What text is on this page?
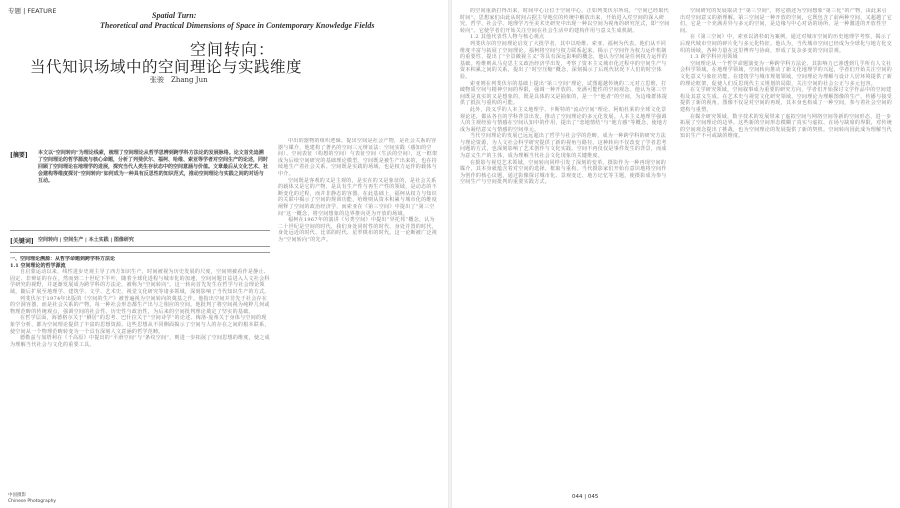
专题 | FEATURE	Spatial Turn:
Theoretical and Practical Dimensions of Space in Contemporary Knowledge Fields
空间转向：
当代知识场域中的空间理论与实践维度
张骏　Zhang Jun
[摘要] 本文以“空间转向”为理论线索，梳理了空间理论从哲学思辨到跨学科方法论的发展脉络。论文首先追溯了空间理论的哲学源流与核心命题，分析了列斐伏尔、福柯、哈维、索亚等学者对空间生产的论述，同时回顾了空间理论在地理学的进展，探究当代人类生存状态中的空间意涵与价值。文章最后从文化艺术、社会建构等维度探讨“空间转向”如何成为一种具有反思性的知识范式，推动空间理论与实践之间的对话与互动。
[关键词] 空间转向 | 空间生产 | 本土实践 | 图像研究

中出的器物的组织逻辑。提出空间是社会产物，是社会关系的容器与媒介，他建构了著名的空间三元辩证法：空间实践（感知的空间）、空间表征（构想的空间）与表征空间（生活的空间），这一框架成为后续空间研究的基础理论模型。空间既是被生产出来的，也在持续地生产着社会关系。空间既是实践的场域，也是权力运作的载体与中介。

空间既是客观的又是主观的，是实在的又是象征的，是社会关系的载体又是它的产物，是具有生产性与再生产性的领域，是动态的不断变化的过程，而并非静态的容器。在此基础上，福柯从权力与知识的关联中揭示了空间的规训功能，哈维则从资本积累与城市化的维度阐释了空间的政治经济学，而索亚在《第三空间》中提出了“第三空间”这一概念，将空间想象的边界推向更为开放的场域。

福柯在1967年的演讲《另类空间》中提出“异托邦”概念，认为二十世纪是空间的时代，我们身处同时性的时代，身处并置的时代，身处远近的时代、比邻的时代、星罗棋布的时代。这一论断被广泛视为“空间转向”的先声。

一、空间理论溯源：从哲学命题到跨学科方法论

1.1 空间理论的哲学源流

自启蒙运动以来，线性进步史观主导了西方知识生产，时间被视为历史发展的尺度，空间则被看作是静止、固定、非辩证的存在。然而到二十世纪下半叶，随着全球化进程与城市化的加速，空间问题日益进入人文社会科学研究的视野，并逐渐发展成为跨学科的方法论，被称为“空间转向”。这一转向首先发生在哲学与社会理论领域，随后扩展至地理学、建筑学、文学、艺术史、视觉文化研究等诸多领域，深刻影响了当代知识生产的方式。

列斐伏尔于1974年出版的《空间的生产》被普遍视为空间转向的奠基之作。他指出空间并非先于社会存在的空洞容器，而是社会关系的产物，每一种社会形态都生产出与之相应的空间。他批判了将空间视为纯粹几何或物理范畴的传统观点，强调空间的社会性、历史性与政治性，为后来的空间批判理论奠定了坚实的基础。

在哲学层面，海德格尔关于“栖居”的思考、巴什拉关于“空间诗学”的论述、梅洛-庞蒂关于身体与空间的现象学分析，都为空间理论提供了丰富的思想资源。这些思想从不同侧面揭示了空间与人的存在之间的根本联系，使空间从一个物理范畴转变为一个具有深刻人文意涵的哲学范畴。

德勒兹与加塔利在《千高原》中提出的“平滑空间”与“条纹空间”，则进一步拓展了空间思想的维度，使之成为理解当代社会与文化的重要工具。

中国摄影
Chinese Photography

的空间重新打得出来，时间中心让位于空间中心。正如列斐伏尔所说，“空间已经取代时间”。思想家们由此从时间占据主导地位的传统中解放出来，开始进入对空间的深入研究。哲学、社会学、地理学乃至美术史研究中出现一种以空间为视角的研究范式，即“空间转向”。它使学者们开始关注空间在社会生活中的建构作用与意义生成机制。

1.2 其他代表性人物与核心观点

列斐伏尔的空间理论启发了大批学者，其中以哈维、索亚、福柯为代表。他们从不同维度丰富与拓展了空间理论。福柯将空间与权力联系起来，揭示了空间作为权力运作机制的重要性，提出了“全景敞视主义”等具有深远影响的概念，他认为空间是任何权力运作的基础。哈维则从马克思主义政治经济学出发，考察了资本主义城市化过程中的空间生产与资本积累之间的关系，提出了“时空压缩”概念，深刻揭示了后现代状况下人们的时空体验。

索亚则在列斐伏尔的基础上提出“第三空间”理论，试图超越传统的二元对立思维，打破物质空间与精神空间的界限，强调一种开放的、充满可能性的空间观念。他认为第三空间既是真实的又是想象的，既是具体的又是抽象的，是一个“他者”的空间，为边缘群体提供了抵抗与重构的可能。

此外，段义孚的人本主义地理学、卡斯特的“流动空间”理论、阿帕杜莱的全球文化景观论述，都从各自的学科背景出发，推动了空间理论的多元化发展。人本主义地理学强调人的主观经验与情感在空间认知中的作用，提出了“恋地情结”与“地方感”等概念，使地方成为凝结意义与情感的空间单元。

当代空间理论的发展已远远超出了哲学与社会学的范畴，成为一种跨学科的研究方法与理论资源，为人文社会科学研究提供了新的视角与路径。这种转向不仅改变了学者思考问题的方式，也深刻影响了艺术创作与文化实践。空间不再仅仅是事件发生的背景，而成为意义生产的主体，成为理解当代社会文化现象的关键维度。

在摄影与视觉艺术领域，空间转向同样引发了深刻的变革。摄影作为一种再现空间的媒介，其本身就蕴含着对空间的选择、框取与重构。当代摄影家们开始有意识地将空间作为创作的核心议题，通过影像探讨城市化、景观变迁、地方记忆等主题，使摄影成为参与空间生产与空间批判的重要实践方式。

空间研究的发展取决于“第三空间”，将它描述为空间想象“第三化”的产物，由此来引出对空间意义的新理解。第三空间是一种开放的空间，它既包含了前两种空间，又超越了它们，它是一个充满差异与多元的空间，是边缘与中心对话的场所，是一种激进的开放性空间。

在《第三空间》中，索亚以洛杉矶为案例，通过对城市空间的历史地理学考察，揭示了后现代城市空间的碎片化与多元化特征。他认为，当代城市空间已经成为全球化与地方化交织的场域，各种力量在这里博弈与协商，形成了复杂多变的空间景观。

1.3 跨学科应用领域

空间理论从一个哲学命题演变为一种跨学科方法论，其影响力已渗透到几乎所有人文社会科学领域。在地理学领域，空间转向推动了新文化地理学的兴起，学者们开始关注空间的文化意义与象征功能。在建筑学与城市规划领域，空间理论为理解与设计人居环境提供了新的理论框架，促使人们反思现代主义规划的局限，关注空间的社会公正与多元包容。

在文学研究领域，空间叙事成为重要的研究方向，学者们开始探讨文学作品中的空间建构及其意义生成。在艺术史与视觉文化研究领域，空间理论为理解图像的生产、传播与接受提供了新的视角。图像不仅是对空间的再现，其本身也构成了一种空间，参与着社会空间的建构与重塑。

在媒介研究领域，数字技术的发展带来了虚拟空间与网络空间等新的空间形态，进一步拓展了空间理论的边界。这些新的空间形态模糊了真实与虚拟、在场与缺席的界限，对传统的空间观念提出了挑战，也为空间理论的发展提供了新的契机。空间转向因此成为理解当代知识生产不可或缺的维度。

044 | 045
